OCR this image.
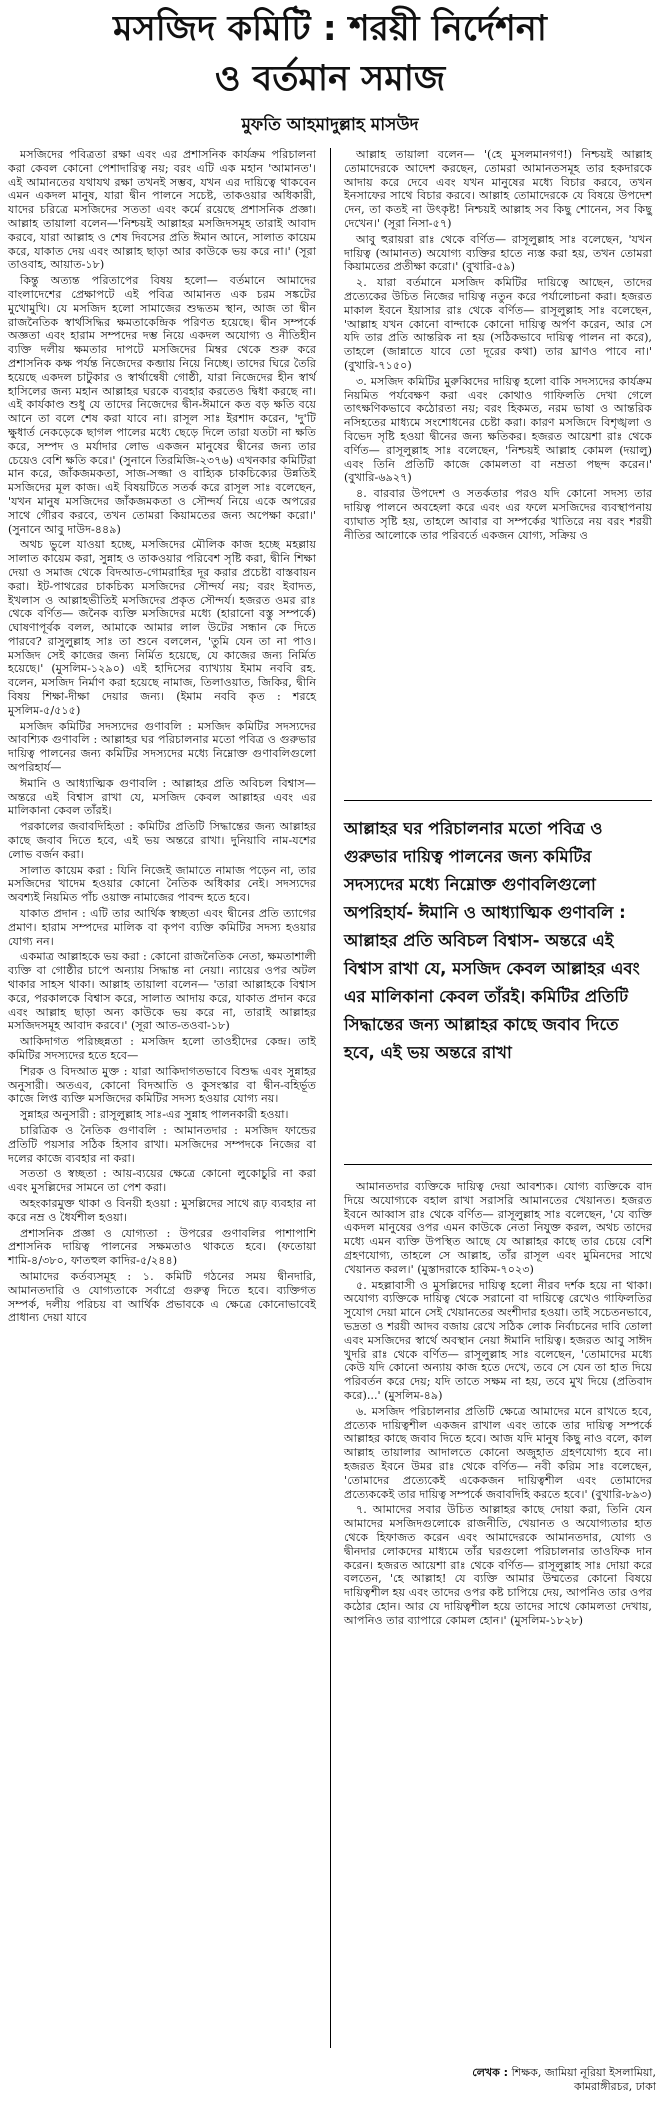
মসজিদ কমিটি : শরয়ী নির্দেশনা
ও বর্তমান সমাজ
মুফতি আহমাদুল্লাহ মাসউদ

মসজিদের পবিত্রতা রক্ষা এবং এর প্রশাসনিক কার্যক্রম পরিচালনা করা কেবল কোনো পেশাদারিত্ব নয়; বরং এটি এক মহান 'আমানত'। এই আমানতের যথাযথ রক্ষা তখনই সম্ভব, যখন এর দায়িত্বে থাকবেন এমন একদল মানুষ, যারা দ্বীন পালনে সচেষ্ট, তাকওয়ার অধিকারী, যাদের চরিত্রে মসজিদের সততা এবং কর্মে রয়েছে প্রশাসনিক প্রজ্ঞা। আল্লাহ তায়ালা বলেন—'নিশ্চয়ই আল্লাহর মসজিদসমূহ তারাই আবাদ করবে, যারা আল্লাহ ও শেষ দিবসের প্রতি ঈমান আনে, সালাত কায়েম করে, যাকাত দেয় এবং আল্লাহ ছাড়া আর কাউকে ভয় করে না।' (সূরা তাওবাহ, আয়াত-১৮)

কিন্তু অত্যন্ত পরিতাপের বিষয় হলো— বর্তমানে আমাদের বাংলাদেশের প্রেক্ষাপটে এই পবিত্র আমানত এক চরম সঙ্কটের মুখোমুখি। যে মসজিদ হলো সামাজের শুদ্ধতম স্থান, আজ তা দ্বীন রাজনৈতিক স্বার্থসিদ্ধির ক্ষমতাকেন্দ্রিক পরিণত হয়েছে। দ্বীন সম্পর্কে অজ্ঞতা এবং হারাম সম্পদের দম্ভ নিয়ে একদল অযোগ্য ও নীতিহীন ব্যক্তি দলীয় ক্ষমতার দাপটে মসজিদের মিম্বর থেকে শুরু করে প্রশাসনিক কক্ষ পর্যন্ত নিজেদের কব্জায় নিয়ে নিচ্ছে। তাদের ঘিরে তৈরি হয়েছে একদল চাটুকার ও স্বার্থান্বেষী গোষ্ঠী, যারা নিজেদের হীন স্বার্থ হাসিলের জন্য মহান আল্লাহর ঘরকে ব্যবহার করতেও দ্বিধা করছে না। এই কার্যকাণ্ড শুধু যে তাদের নিজেদের দ্বীন-ঈমানে কত বড় ক্ষতি বয়ে আনে তা বলে শেষ করা যাবে না। রাসূল সাঃ ইরশাদ করেন, 'দু'টি ক্ষুধার্ত নেকড়েকে ছাগল পালের মধ্যে ছেড়ে দিলে তারা যতটা না ক্ষতি করে, সম্পদ ও মর্যাদার লোভ একজন মানুষের দ্বীনের জন্য তার চেয়েও বেশি ক্ষতি করে।' (সুনানে তিরমিজি-২৩৭৬) এখনকার কমিটিরা মান করে, জাঁকজমকতা, সাজ-সজ্জা ও বাহ্যিক চাকচিক্যের উন্নতিই মসজিদের মূল কাজ। এই বিষয়টিতে সতর্ক করে রাসূল সাঃ বলেছেন, 'যখন মানুষ মসজিদের জাঁকজমকতা ও সৌন্দর্য নিয়ে একে অপরের সাথে গৌরব করবে, তখন তোমরা কিয়ামতের জন্য অপেক্ষা করো।' (সুনানে আবু দাউদ-৪৪৯)

অথচ ভুলে যাওয়া হচ্ছে, মসজিদের মৌলিক কাজ হচ্ছে মহল্লায় সালাত কায়েম করা, সুন্নাহ ও তাকওয়ার পরিবেশ সৃষ্টি করা, দ্বীনি শিক্ষা দেয়া ও সমাজ থেকে বিদআত-গোমরাহির দূর করার প্রচেষ্টা বাস্তবায়ন করা। ইট-পাথরের চাকচিক্য মসজিদের সৌন্দর্য নয়; বরং ইবাদত, ইখলাস ও আল্লাহভীতিই মসজিদের প্রকৃত সৌন্দর্য। হজরত ওমর রাঃ থেকে বর্ণিত— জনৈক ব্যক্তি মসজিদের মধ্যে (হারানো বস্তু সম্পর্কে) ঘোষণাপূর্বক বলল, আমাকে আমার লাল উটের সন্ধান কে দিতে পারবে? রাসুলুল্লাহ সাঃ তা শুনে বললেন, 'তুমি যেন তা না পাও। মসজিদ সেই কাজের জন্য নির্মিত হয়েছে, যে কাজের জন্য নির্মিত হয়েছে।' (মুসলিম-১২৯০) এই হাদিসের ব্যাখ্যায় ইমাম নববি রহ. বলেন, মসজিদ নির্মাণ করা হয়েছে নামাজ, তিলাওয়াত, জিকির, দ্বীনি বিষয় শিক্ষা-দীক্ষা দেয়ার জন্য। (ইমাম নববি কৃত : শরহে মুসলিম-৫/৫১৫)

মসজিদ কমিটির সদস্যদের গুণাবলি : মসজিদ কমিটির সদস্যদের আবশ্যিক গুণাবলি : আল্লাহর ঘর পরিচালনার মতো পবিত্র ও গুরুভার দায়িত্ব পালনের জন্য কমিটির সদস্যদের মধ্যে নিম্নোক্ত গুণাবলিগুলো অপরিহার্য—

ঈমানি ও আধ্যাত্মিক গুণাবলি : আল্লাহর প্রতি অবিচল বিশ্বাস— অন্তরে এই বিশ্বাস রাখা যে, মসজিদ কেবল আল্লাহর এবং এর মালিকানা কেবল তাঁরই।

পরকালের জবাবদিহিতা : কমিটির প্রতিটি সিদ্ধান্তের জন্য আল্লাহর কাছে জবাব দিতে হবে, এই ভয় অন্তরে রাখা। দুনিয়াবি নাম-যশের লোভ বর্জন করা।

সালাত কায়েম করা : যিনি নিজেই জামাতে নামাজ পড়েন না, তার মসজিদের খাদেম হওয়ার কোনো নৈতিক অধিকার নেই। সদস্যদের অবশ্যই নিয়মিত পাঁচ ওয়াক্ত নামাজের পাবন্দ হতে হবে।

যাকাত প্রদান : এটি তার আর্থিক স্বচ্ছতা এবং দ্বীনের প্রতি ত্যাগের প্রমাণ। হারাম সম্পদের মালিক বা কৃপণ ব্যক্তি কমিটির সদস্য হওয়ার যোগ্য নন।

একমাত্র আল্লাহকে ভয় করা : কোনো রাজনৈতিক নেতা, ক্ষমতাশালী ব্যক্তি বা গোষ্ঠীর চাপে অন্যায় সিদ্ধান্ত না নেয়া। ন্যায়ের ওপর অটল থাকার সাহস থাকা। আল্লাহ তায়ালা বলেন— 'তারা আল্লাহকে বিশ্বাস করে, পরকালকে বিশ্বাস করে, সালাত আদায় করে, যাকাত প্রদান করে এবং আল্লাহ ছাড়া অন্য কাউকে ভয় করে না, তারাই আল্লাহর মসজিদসমূহ আবাদ করবে।' (সূরা আত-তওবা-১৮)

আকিদাগত পরিচ্ছন্নতা : মসজিদ হলো তাওহীদের কেন্দ্র। তাই কমিটির সদস্যদের হতে হবে—

শিরক ও বিদআত মুক্ত : যারা আকিদাগতভাবে বিশুদ্ধ এবং সুন্নাহর অনুসারী। অতএব, কোনো বিদআতি ও কুসংস্কার বা দ্বীন-বহির্ভূত কাজে লিপ্ত ব্যক্তি মসজিদের কমিটির সদস্য হওয়ার যোগ্য নয়।

সুন্নাহর অনুসারী : রাসূলুল্লাহ সাঃ-এর সুন্নাহ পালনকারী হওয়া।

চারিত্রিক ও নৈতিক গুণাবলি : আমানতদার : মসজিদ ফান্ডের প্রতিটি পয়সার সঠিক হিসাব রাখা। মসজিদের সম্পদকে নিজের বা দলের কাজে ব্যবহার না করা।

সততা ও স্বচ্ছতা : আয়-ব্যয়ের ক্ষেত্রে কোনো লুকোচুরি না করা এবং মুসল্লিদের সামনে তা পেশ করা।

অহংকারমুক্ত থাকা ও বিনয়ী হওয়া : মুসল্লিদের সাথে রূঢ় ব্যবহার না করে নম্র ও ধৈর্যশীল হওয়া।

প্রশাসনিক প্রজ্ঞা ও যোগ্যতা : উপরের গুণাবলির পাশাপাশি প্রশাসনিক দায়িত্ব পালনের সক্ষমতাও থাকতে হবে। (ফতোয়া শামি-৪/৩৮০, ফাতহুল কাদির-৫/২৪৪)

আমাদের কর্তব্যসমূহ : ১. কমিটি গঠনের সময় দ্বীনদারি, আমানতদারি ও যোগ্যতাকে সর্বাগ্রে গুরুত্ব দিতে হবে। ব্যক্তিগত সম্পর্ক, দলীয় পরিচয় বা আর্থিক প্রভাবকে এ ক্ষেত্রে কোনোভাবেই প্রাধান্য দেয়া যাবে

আল্লাহ তায়ালা বলেন— '(হে মুসলমানগণ!) নিশ্চয়ই আল্লাহ তোমাদেরকে আদেশ করছেন, তোমরা আমানতসমূহ তার হকদারকে আদায় করে দেবে এবং যখন মানুষের মধ্যে বিচার করবে, তখন ইনসাফের সাথে বিচার করবে। আল্লাহ তোমাদেরকে যে বিষয়ে উপদেশ দেন, তা কতই না উৎকৃষ্ট! নিশ্চয়ই আল্লাহ সব কিছু শোনেন, সব কিছু দেখেন।' (সূরা নিসা-৫৭)

আবু হুরায়রা রাঃ থেকে বর্ণিত— রাসূলুল্লাহ সাঃ বলেছেন, 'যখন দায়িত্ব (আমানত) অযোগ্য ব্যক্তির হাতে ন্যস্ত করা হয়, তখন তোমরা কিয়ামতের প্রতীক্ষা করো।' (বুখারি-৫৯)

২. যারা বর্তমানে মসজিদ কমিটির দায়িত্বে আছেন, তাদের প্রত্যেকের উচিত নিজের দায়িত্ব নতুন করে পর্যালোচনা করা। হজরত মাকাল ইবনে ইয়াসার রাঃ থেকে বর্ণিত— রাসূলুল্লাহ সাঃ বলেছেন, 'আল্লাহ যখন কোনো বান্দাকে কোনো দায়িত্ব অর্পণ করেন, আর সে যদি তার প্রতি আন্তরিক না হয় (সঠিকভাবে দায়িত্ব পালন না করে), তাহলে (জান্নাতে যাবে তো দূরের কথা) তার ঘ্রাণও পাবে না।' (বুখারি-৭১৫০)

৩. মসজিদ কমিটির মুরুব্বিদের দায়িত্ব হলো বাকি সদস্যদের কার্যক্রম নিয়মিত পর্যবেক্ষণ করা এবং কোথাও গাফিলতি দেখা গেলে তাৎক্ষণিকভাবে কঠোরতা নয়; বরং হিকমত, নরম ভাষা ও আন্তরিক নসিহতের মাধ্যমে সংশোধনের চেষ্টা করা। কারণ মসজিদে বিশৃঙ্খলা ও বিভেদ সৃষ্টি হওয়া দ্বীনের জন্য ক্ষতিকর। হজরত আয়েশা রাঃ থেকে বর্ণিত— রাসূলুল্লাহ সাঃ বলেছেন, 'নিশ্চয়ই আল্লাহ কোমল (দয়ালু) এবং তিনি প্রতিটি কাজে কোমলতা বা নম্রতা পছন্দ করেন।' (বুখারি-৬৯২৭)

৪. বারবার উপদেশ ও সতর্কতার পরও যদি কোনো সদস্য তার দায়িত্ব পালনে অবহেলা করে এবং এর ফলে মসজিদের ব্যবস্থাপনায় ব্যাঘাত সৃষ্টি হয়, তাহলে আবার বা সম্পর্কের খাতিরে নয় বরং শরয়ী নীতির আলোকে তার পরিবর্তে একজন যোগ্য, সক্রিয় ও

আল্লাহর ঘর পরিচালনার মতো পবিত্র ও গুরুভার দায়িত্ব পালনের জন্য কমিটির সদস্যদের মধ্যে নিম্নোক্ত গুণাবলিগুলো অপরিহার্য- ঈমানি ও আধ্যাত্মিক গুণাবলি : আল্লাহর প্রতি অবিচল বিশ্বাস- অন্তরে এই বিশ্বাস রাখা যে, মসজিদ কেবল আল্লাহর এবং এর মালিকানা কেবল তাঁরই। কমিটির প্রতিটি সিদ্ধান্তের জন্য আল্লাহর কাছে জবাব দিতে হবে, এই ভয় অন্তরে রাখা

আমানতদার ব্যক্তিকে দায়িত্ব দেয়া আবশ্যক। যোগ্য ব্যক্তিকে বাদ দিয়ে অযোগ্যকে বহাল রাখা সরাসরি আমানতের খেয়ানত। হজরত ইবনে আব্বাস রাঃ থেকে বর্ণিত— রাসূলুল্লাহ সাঃ বলেছেন, 'যে ব্যক্তি একদল মানুষের ওপর এমন কাউকে নেতা নিযুক্ত করল, অথচ তাদের মধ্যে এমন ব্যক্তি উপস্থিত আছে যে আল্লাহর কাছে তার চেয়ে বেশি গ্রহণযোগ্য, তাহলে সে আল্লাহ, তাঁর রাসূল এবং মুমিনদের সাথে খেয়ানত করল।' (মুস্তাদরাকে হাকিম-৭০২৩)

৫. মহল্লাবাসী ও মুসল্লিদের দায়িত্ব হলো নীরব দর্শক হয়ে না থাকা। অযোগ্য ব্যক্তিকে দায়িত্ব থেকে সরানো বা দায়িত্বে রেখেও গাফিলতির সুযোগ দেয়া মানে সেই খেয়ানতের অংশীদার হওয়া। তাই সচেতনভাবে, ভদ্রতা ও শরয়ী আদব বজায় রেখে সঠিক লোক নির্বাচনের দাবি তোলা এবং মসজিদের স্বার্থে অবস্থান নেয়া ঈমানি দায়িত্ব। হজরত আবু সাঈদ খুদরি রাঃ থেকে বর্ণিত— রাসূলুল্লাহ সাঃ বলেছেন, 'তোমাদের মধ্যে কেউ যদি কোনো অন্যায় কাজ হতে দেখে, তবে সে যেন তা হাত দিয়ে পরিবর্তন করে দেয়; যদি তাতে সক্ষম না হয়, তবে মুখ দিয়ে (প্রতিবাদ করে)...' (মুসলিম-৪৯)

৬. মসজিদ পরিচালনার প্রতিটি ক্ষেত্রে আমাদের মনে রাখতে হবে, প্রত্যেক দায়িত্বশীল একজন রাখাল এবং তাকে তার দায়িত্ব সম্পর্কে আল্লাহর কাছে জবাব দিতে হবে। আজ যদি মানুষ কিছু নাও বলে, কাল আল্লাহ তায়ালার আদালতে কোনো অজুহাত গ্রহণযোগ্য হবে না। হজরত ইবনে উমর রাঃ থেকে বর্ণিত— নবী করিম সাঃ বলেছেন, 'তোমাদের প্রত্যেকেই একেকজন দায়িত্বশীল এবং তোমাদের প্রত্যেককেই তার দায়িত্ব সম্পর্কে জবাবদিহি করতে হবে।' (বুখারি-৮৯৩)

৭. আমাদের সবার উচিত আল্লাহর কাছে দোয়া করা, তিনি যেন আমাদের মসজিদগুলোকে রাজনীতি, খেয়ানত ও অযোগ্যতার হাত থেকে হিফাজত করেন এবং আমাদেরকে আমানতদার, যোগ্য ও দ্বীনদার লোকদের মাধ্যমে তাঁর ঘরগুলো পরিচালনার তাওফিক দান করেন। হজরত আয়েশা রাঃ থেকে বর্ণিত— রাসূলুল্লাহ সাঃ দোয়া করে বলতেন, 'হে আল্লাহ! যে ব্যক্তি আমার উম্মতের কোনো বিষয়ে দায়িত্বশীল হয় এবং তাদের ওপর কষ্ট চাপিয়ে দেয়, আপনিও তার ওপর কঠোর হোন। আর যে দায়িত্বশীল হয়ে তাদের সাথে কোমলতা দেখায়, আপনিও তার ব্যাপারে কোমল হোন।' (মুসলিম-১৮২৮)

লেখক : শিক্ষক, জামিয়া নূরিয়া ইসলামিয়া, কামরাঙ্গীরচর, ঢাকা
